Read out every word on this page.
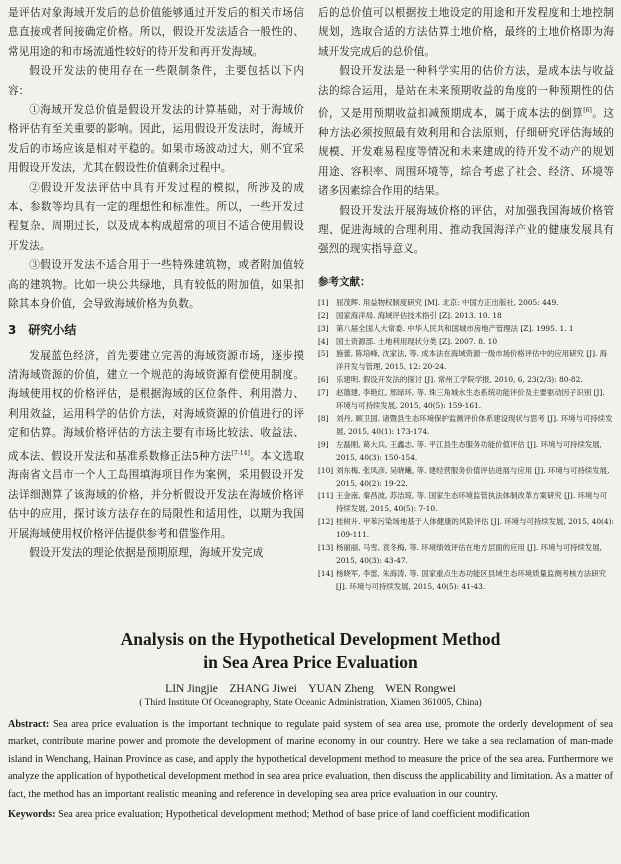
是评估对象海域开发后的总价值能够通过开发后的相关市场信息直接或者间接确定价格。所以，假设开发法适合一般性的、常见用途的和市场流通性较好的待开发和再开发海域。

假设开发法的使用存在一些限制条件，主要包括以下内容：

①海域开发总价值是假设开发法的计算基础，对于海域价格评估有至关重要的影响。因此，运用假设开发法时，海域开发后的市场应该是相对平稳的。如果市场波动过大，则不宜采用假设开发法，尤其在假设性价值剩余过程中。

②假设开发法评估中具有开发过程的模拟，所涉及的成本、参数等均具有一定的理想性和标准性。所以，一些开发过程复杂、周期过长，以及成本构成超常的项目不适合使用假设开发法。

③假设开发法不适合用于一些特殊建筑物，或者附加值较高的建筑物。比如一块公共绿地，具有较低的附加值，如果扣除其本身价值，会导致海域价格为负数。

3　研究小结

发展蓝色经济，首先要建立完善的海域资源市场，逐步摸清海域资源的价值，建立一个规范的海域资源有偿使用制度。海域使用权的价格评估，是根据海域的区位条件、利用潜力、利用效益，运用科学的估价方法，对海域资源的价值进行的评定和估算。海域价格评估的方法主要有市场比较法、收益法、成本法、假设开发法和基准系数修正法5种方法[7-14]。本文选取海南省文昌市一个人工岛围填海项目作为案例，采用假设开发法详细测算了该海域的价格，并分析假设开发法在海域价格评估中的应用，探讨该方法存在的局限性和适用性，以期为我国开展海域使用权价格评估提供参考和借鉴作用。

假设开发法的理论依据是预期原理，海域开发完成

后的总价值可以根据按土地设定的用途和开发程度和土地控制规划，选取合适的方法估算土地价格，最终的土地价格即为海域开发完成后的总价值。

假设开发法是一种科学实用的估价方法，是成本法与收益法的综合运用，是站在未来预期收益的角度的一种预期性的估价，又是用预期收益扣减预期成本，属于成本法的倒算[6]。这种方法必须按照最有效利用和合法原则，仔细研究评估海域的规模、开发难易程度等情况和未来建成的待开发不动产的规划用途、容积率、周围环境等，综合考虑了社会、经济、环境等诸多因素综合作用的结果。

假设开发法开展海域价格的评估，对加强我国海域价格管理、促进海域的合理利用、推动我国海洋产业的健康发展具有强烈的现实指导意义。

参考文献：
[1]	屈茂辉. 用益物权制度研究 [M]. 北京: 中国方正出版社, 2005: 449.
[2]	国家海洋局. 海域评估技术指引 [Z]. 2013. 10. 18
[3]	第八届全国人大常委. 中华人民共和国城市房地产管理法 [Z]. 1995. 1. 1
[4]	国土资源部. 土地利用现状分类 [Z]. 2007. 8. 10
[5]	施蕾, 陈培峰, 沈家法, 等. 成本法在海域资源一级市场价格评估中的应用研究 [J]. 海洋开发与管理, 2015, 12: 20-24.
[6]	乐建明. 假设开发法的探讨 [J]. 常州工学院学报, 2010, 6, 23(2/3): 80-82.
[7]	赵德建, 李艳红, 邢绿环, 等. 珠三角城水生态系统功能评价及主要驱动因子识别 [J]. 环境与可持续发展, 2015, 40(5): 159-161.
[8]	刘丹, 顾卫国. 诸暨县生态环境保护监测评价体系建设现状与思考 [J]. 环境与可持续发展, 2015, 40(1): 173-174.
[9]	左磊刚, 葛大兵, 王鑫志, 等. 平江县生态服务功能价值评估 [J]. 环境与可持续发展, 2015, 40(3): 150-154.
[10] 刘东梅, 张凤彦, 吴晓曦, 等. 建经营服务价值评估进展与应用 [J]. 环境与可持续发展, 2015, 40(2): 19-22.
[11] 王金南, 秦昌波, 苏洁琼, 等. 国家生态环境监管执法体制改革方案研究 [J]. 环境与可持续发展, 2015, 40(5): 7-10.
[12] 桂树升. 甲苯污染场地基于人体健康的风险评估 [J]. 环境与可持续发展, 2015, 40(4): 109-111.
[13] 杨丽丽, 马雪, 袁冬梅, 等. 环境绩效评估在地方层面的应用 [J]. 环境与可持续发展, 2015, 40(3): 43-47.
[14] 杨晓军, 李雷, 朱海涛, 等. 国家重点生态功能区县域生态环境质量监测考核方法研究 [J]. 环境与可持续发展, 2015, 40(5): 41-43.

Analysis on the Hypothetical Development Method

in Sea Area Price Evaluation

LIN Jingjie　ZHANG Jiwei　YUAN Zheng　WEN Rongwei

( Third Institute Of Oceanography, State Oceanic Administration, Xiamen 361005, China)

Abstract: Sea area price evaluation is the important technique to regulate paid system of sea area use, promote the orderly development of sea market, contribute marine power and promote the development of marine economy in our country. Here we take a sea reclamation of man-made island in Wenchang, Hainan Province as case, and apply the hypothetical development method to measure the price of the sea area. Furthermore we analyze the application of hypothetical development method in sea area price evaluation, then discuss the applicability and limitation. As a matter of fact, the method has an important realistic meaning and reference in developing sea area price evaluation in our country.

Keywords: Sea area price evaluation; Hypothetical development method; Method of base price of land coefficient modification
